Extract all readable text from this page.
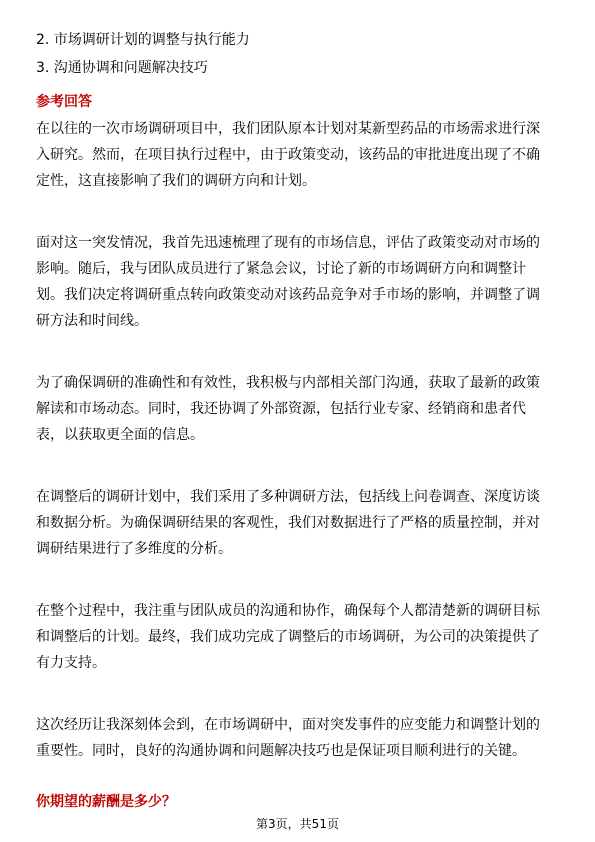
2. 市场调研计划的调整与执行能力
3. 沟通协调和问题解决技巧
参考回答
在以往的一次市场调研项目中，我们团队原本计划对某新型药品的市场需求进行深
入研究。然而，在项目执行过程中，由于政策变动，该药品的审批进度出现了不确
定性，这直接影响了我们的调研方向和计划。
面对这一突发情况，我首先迅速梳理了现有的市场信息，评估了政策变动对市场的
影响。随后，我与团队成员进行了紧急会议，讨论了新的市场调研方向和调整计
划。我们决定将调研重点转向政策变动对该药品竞争对手市场的影响，并调整了调
研方法和时间线。
为了确保调研的准确性和有效性，我积极与内部相关部门沟通，获取了最新的政策
解读和市场动态。同时，我还协调了外部资源，包括行业专家、经销商和患者代
表，以获取更全面的信息。
在调整后的调研计划中，我们采用了多种调研方法，包括线上问卷调查、深度访谈
和数据分析。为确保调研结果的客观性，我们对数据进行了严格的质量控制，并对
调研结果进行了多维度的分析。
在整个过程中，我注重与团队成员的沟通和协作，确保每个人都清楚新的调研目标
和调整后的计划。最终，我们成功完成了调整后的市场调研，为公司的决策提供了
有力支持。
这次经历让我深刻体会到，在市场调研中，面对突发事件的应变能力和调整计划的
重要性。同时，良好的沟通协调和问题解决技巧也是保证项目顺利进行的关键。
你期望的薪酬是多少？
第3页，共51页
